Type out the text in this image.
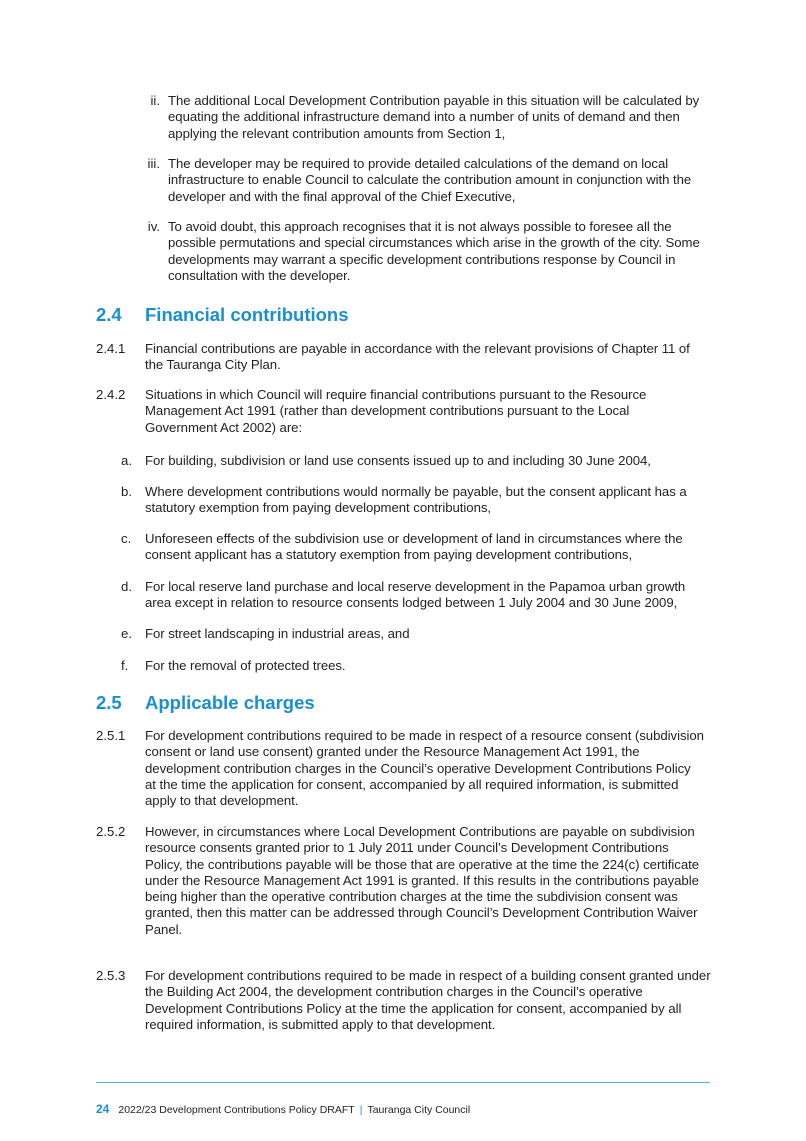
ii. The additional Local Development Contribution payable in this situation will be calculated by equating the additional infrastructure demand into a number of units of demand and then applying the relevant contribution amounts from Section 1,

iii. The developer may be required to provide detailed calculations of the demand on local infrastructure to enable Council to calculate the contribution amount in conjunction with the developer and with the final approval of the Chief Executive,

iv. To avoid doubt, this approach recognises that it is not always possible to foresee all the possible permutations and special circumstances which arise in the growth of the city. Some developments may warrant a specific development contributions response by Council in consultation with the developer.

2.4 Financial contributions
2.4.1 Financial contributions are payable in accordance with the relevant provisions of Chapter 11 of the Tauranga City Plan.

2.4.2 Situations in which Council will require financial contributions pursuant to the Resource Management Act 1991 (rather than development contributions pursuant to the Local Government Act 2002) are:

a. For building, subdivision or land use consents issued up to and including 30 June 2004,

b. Where development contributions would normally be payable, but the consent applicant has a statutory exemption from paying development contributions,

c. Unforeseen effects of the subdivision use or development of land in circumstances where the consent applicant has a statutory exemption from paying development contributions,

d. For local reserve land purchase and local reserve development in the Papamoa urban growth area except in relation to resource consents lodged between 1 July 2004 and 30 June 2009,

e. For street landscaping in industrial areas, and

f. For the removal of protected trees.

2.5 Applicable charges
2.5.1 For development contributions required to be made in respect of a resource consent (subdivision consent or land use consent) granted under the Resource Management Act 1991, the development contribution charges in the Council’s operative Development Contributions Policy at the time the application for consent, accompanied by all required information, is submitted apply to that development.

2.5.2 However, in circumstances where Local Development Contributions are payable on subdivision resource consents granted prior to 1 July 2011 under Council’s Development Contributions Policy, the contributions payable will be those that are operative at the time the 224(c) certificate under the Resource Management Act 1991 is granted. If this results in the contributions payable being higher than the operative contribution charges at the time the subdivision consent was granted, then this matter can be addressed through Council’s Development Contribution Waiver Panel.

2.5.3 For development contributions required to be made in respect of a building consent granted under the Building Act 2004, the development contribution charges in the Council’s operative Development Contributions Policy at the time the application for consent, accompanied by all required information, is submitted apply to that development.

24 2022/23 Development Contributions Policy DRAFT | Tauranga City Council
